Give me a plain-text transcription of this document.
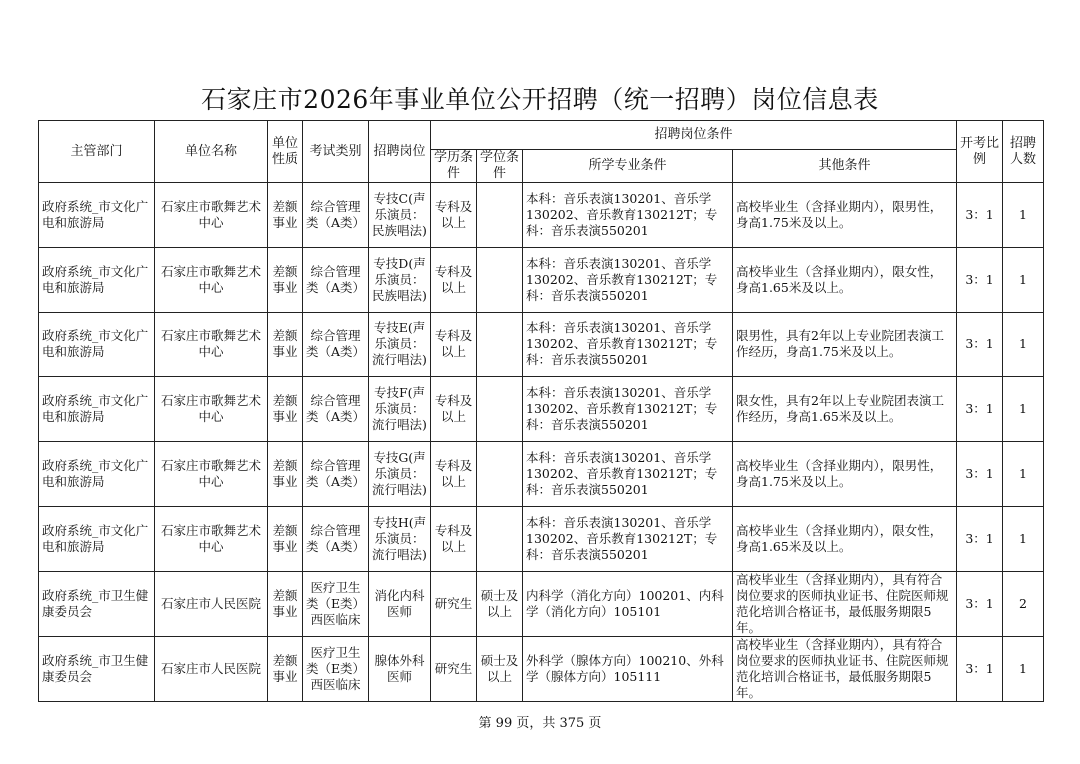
石家庄市2026年事业单位公开招聘（统一招聘）岗位信息表
主管部门	单位名称	单位性质	考试类别	招聘岗位	招聘岗位条件				开考比例	招聘人数
					学历条件	学位条件	所学专业条件	其他条件		
政府系统_市文化广电和旅游局	石家庄市歌舞艺术中心	差额事业	综合管理类（A类）	专技C(声乐演员：民族唱法)	专科及以上		本科：音乐表演130201、音乐学130202、音乐教育130212T；专科：音乐表演550201	高校毕业生（含择业期内），限男性，身高1.75米及以上。	3：1	1
政府系统_市文化广电和旅游局	石家庄市歌舞艺术中心	差额事业	综合管理类（A类）	专技D(声乐演员：民族唱法)	专科及以上		本科：音乐表演130201、音乐学130202、音乐教育130212T；专科：音乐表演550201	高校毕业生（含择业期内），限女性，身高1.65米及以上。	3：1	1
政府系统_市文化广电和旅游局	石家庄市歌舞艺术中心	差额事业	综合管理类（A类）	专技E(声乐演员：流行唱法)	专科及以上		本科：音乐表演130201、音乐学130202、音乐教育130212T；专科：音乐表演550201	限男性，具有2年以上专业院团表演工作经历，身高1.75米及以上。	3：1	1
政府系统_市文化广电和旅游局	石家庄市歌舞艺术中心	差额事业	综合管理类（A类）	专技F(声乐演员：流行唱法)	专科及以上		本科：音乐表演130201、音乐学130202、音乐教育130212T；专科：音乐表演550201	限女性，具有2年以上专业院团表演工作经历，身高1.65米及以上。	3：1	1
政府系统_市文化广电和旅游局	石家庄市歌舞艺术中心	差额事业	综合管理类（A类）	专技G(声乐演员：流行唱法)	专科及以上		本科：音乐表演130201、音乐学130202、音乐教育130212T；专科：音乐表演550201	高校毕业生（含择业期内），限男性，身高1.75米及以上。	3：1	1
政府系统_市文化广电和旅游局	石家庄市歌舞艺术中心	差额事业	综合管理类（A类）	专技H(声乐演员：流行唱法)	专科及以上		本科：音乐表演130201、音乐学130202、音乐教育130212T；专科：音乐表演550201	高校毕业生（含择业期内），限女性，身高1.65米及以上。	3：1	1
政府系统_市卫生健康委员会	石家庄市人民医院	差额事业	医疗卫生类（E类）西医临床	消化内科医师	研究生	硕士及以上	内科学（消化方向）100201、内科学（消化方向）105101	高校毕业生（含择业期内），具有符合岗位要求的医师执业证书、住院医师规范化培训合格证书，最低服务期限5年。	3：1	2
政府系统_市卫生健康委员会	石家庄市人民医院	差额事业	医疗卫生类（E类）西医临床	腺体外科医师	研究生	硕士及以上	外科学（腺体方向）100210、外科学（腺体方向）105111	高校毕业生（含择业期内），具有符合岗位要求的医师执业证书、住院医师规范化培训合格证书，最低服务期限5年。	3：1	1
第 99 页，共 375 页
